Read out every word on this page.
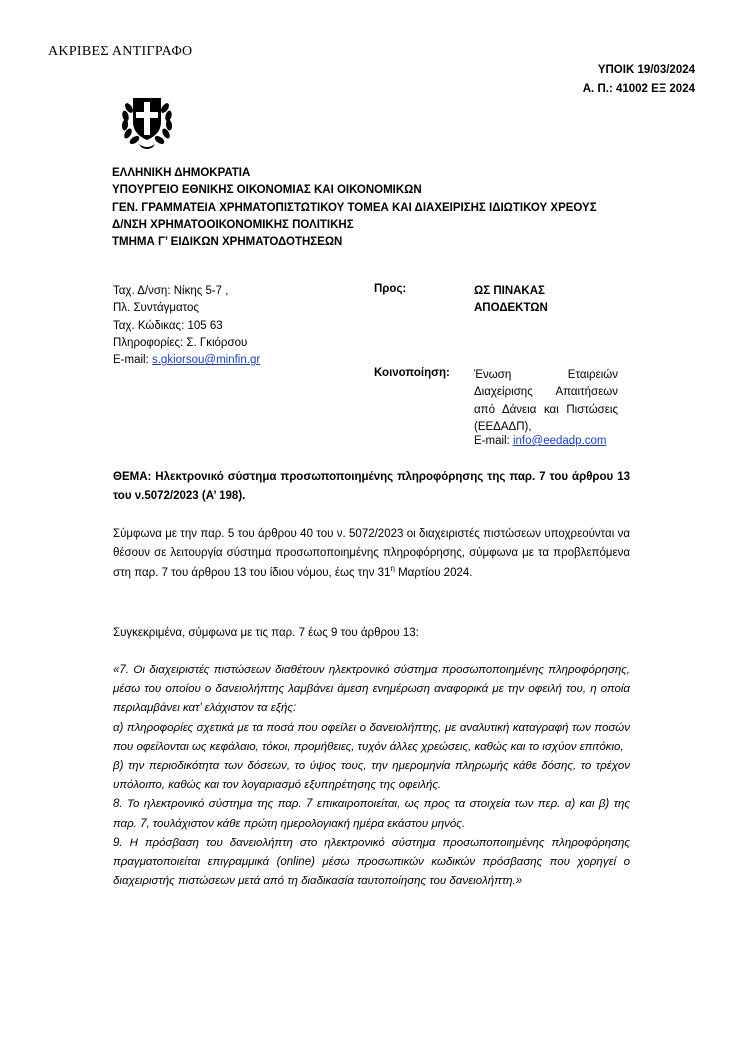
ΑΚΡΙΒΕΣ ΑΝΤΙΓΡΑΦΟ
ΥΠΟΙΚ 19/03/2024
Α. Π.: 41002 ΕΞ 2024
ΕΛΛΗΝΙΚΗ ΔΗΜΟΚΡΑΤΙΑ
ΥΠΟΥΡΓΕΙΟ ΕΘΝΙΚΗΣ ΟΙΚΟΝΟΜΙΑΣ ΚΑΙ ΟΙΚΟΝΟΜΙΚΩΝ
ΓΕΝ. ΓΡΑΜΜΑΤΕΙΑ ΧΡΗΜΑΤΟΠΙΣΤΩΤΙΚΟΥ ΤΟΜΕΑ ΚΑΙ ΔΙΑΧΕΙΡΙΣΗΣ ΙΔΙΩΤΙΚΟΥ ΧΡΕΟΥΣ
Δ/ΝΣΗ ΧΡΗΜΑΤΟΟΙΚΟΝΟΜΙΚΗΣ ΠΟΛΙΤΙΚΗΣ
ΤΜΗΜΑ Γ’ ΕΙΔΙΚΩΝ ΧΡΗΜΑΤΟΔΟΤΗΣΕΩΝ
Ταχ. Δ/νση: Νίκης 5-7 ,
Πλ. Συντάγματος
Ταχ. Κώδικας: 105 63
Πληροφορίες: Σ. Γκιόρσου
E-mail: s.gkiorsou@minfin.gr
Προς:	ΩΣ ΠΙΝΑΚΑΣ
ΑΠΟΔΕΚΤΩΝ
Κοινοποίηση: Ένωση Εταιρειών Διαχείρισης Απαιτήσεων από Δάνεια και Πιστώσεις (ΕΕΔΑΔΠ),
E-mail: info@eedadp.com
ΘΕΜΑ: Ηλεκτρονικό σύστημα προσωποποιημένης πληροφόρησης της παρ. 7 του άρθρου 13 του ν.5072/2023 (Α’ 198).
Σύμφωνα με την παρ. 5 του άρθρου 40 του ν. 5072/2023 οι διαχειριστές πιστώσεων υποχρεούνται να θέσουν σε λειτουργία σύστημα προσωποποιημένης πληροφόρησης, σύμφωνα με τα προβλεπόμενα στη παρ. 7 του άρθρου 13 του ίδιου νόμου, έως την $31^\eta$ Μαρτίου 2024.
Συγκεκριμένα, σύμφωνα με τις παρ. 7 έως 9 του άρθρου 13:

«7. Οι διαχειριστές πιστώσεων διαθέτουν ηλεκτρονικό σύστημα προσωποποιημένης πληροφόρησης, μέσω του οποίου ο δανειολήπτης λαμβάνει άμεση ενημέρωση αναφορικά με την οφειλή του, η οποία περιλαμβάνει κατ’ ελάχιστον τα εξής:

α) πληροφορίες σχετικά με τα ποσά που οφείλει ο δανειολήπτης, με αναλυτική καταγραφή των ποσών που οφείλονται ως κεφάλαιο, τόκοι, προμήθειες, τυχόν άλλες χρεώσεις, καθώς και το ισχύον επιτόκιο,

β) την περιοδικότητα των δόσεων, το ύψος τους, την ημερομηνία πληρωμής κάθε δόσης, το τρέχον υπόλοιπο, καθώς και τον λογαριασμό εξυπηρέτησης της οφειλής.

8. Το ηλεκτρονικό σύστημα της παρ. 7 επικαιροποιείται, ως προς τα στοιχεία των περ. α) και β) της παρ. 7, τουλάχιστον κάθε πρώτη ημερολογιακή ημέρα εκάστου μηνός.

9. Η πρόσβαση του δανειολήπτη στο ηλεκτρονικό σύστημα προσωποποιημένης πληροφόρησης πραγματοποιείται επιγραμμικά (online) μέσω προσωπικών κωδικών πρόσβασης που χορηγεί ο διαχειριστής πιστώσεων μετά από τη διαδικασία ταυτοποίησης του δανειολήπτη.»
